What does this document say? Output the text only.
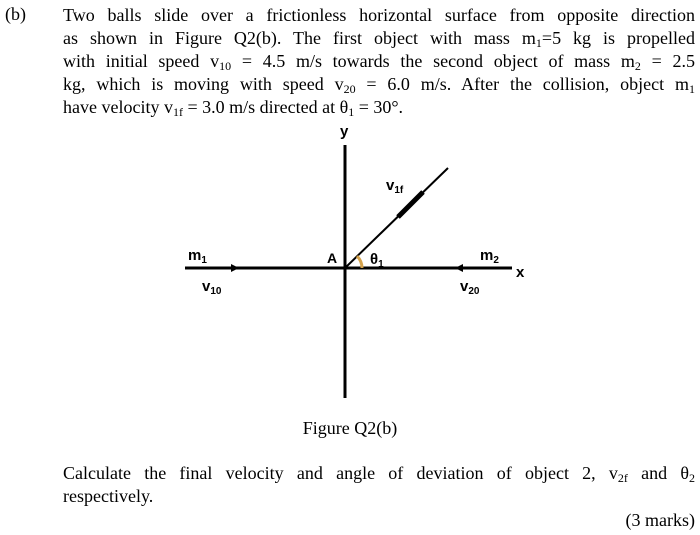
(b) Two balls slide over a frictionless horizontal surface from opposite direction
as shown in Figure Q2(b). The first object with mass $m_1=5$ kg is propelled
with initial speed $v_{10} = 4.5$ m/s towards the second object of mass $m_2 = 2.5$
kg, which is moving with speed $v_{20} = 6.0$ m/s. After the collision, object $m_1$
have velocity $v_{1f} = 3.0$ m/s directed at $\theta_1 = 30^\circ$.
y
x
A
$m_1$	$m_2$
$v_{10}$	$v_{20}$
$v_{1f}$
$\theta_1$
Figure Q2(b)
Calculate the final velocity and angle of deviation of object 2, $v_{2f}$ and $\theta_2$
respectively.
(3 marks)
